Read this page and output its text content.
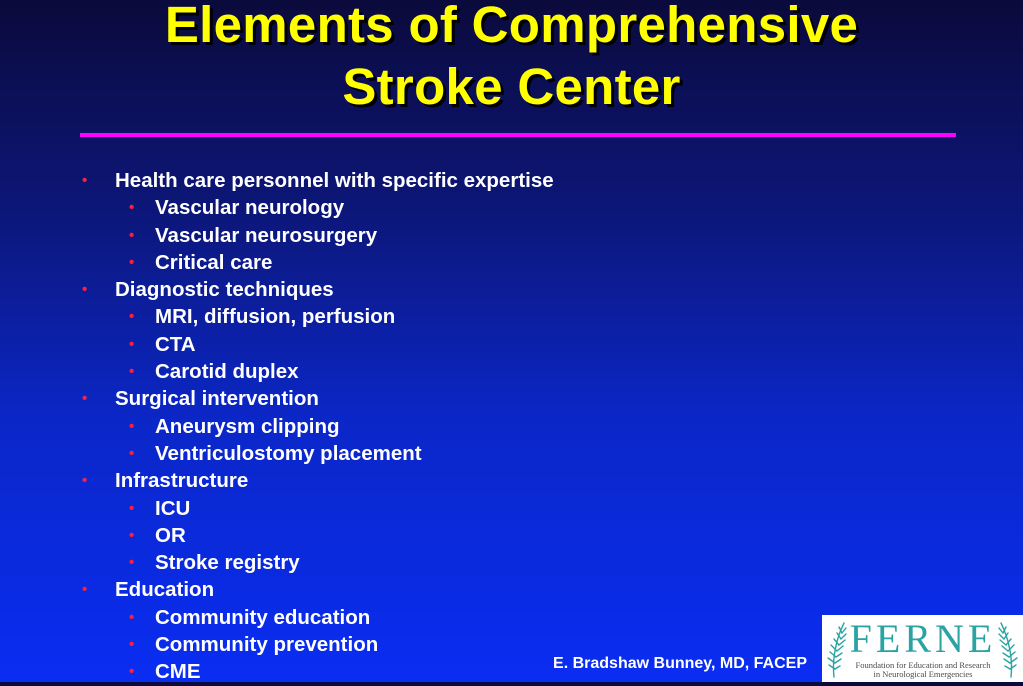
Elements of Comprehensive
Stroke Center
• Health care personnel with specific expertise
• Vascular neurology
• Vascular neurosurgery
• Critical care
• Diagnostic techniques
• MRI, diffusion, perfusion
• CTA
• Carotid duplex
• Surgical intervention
• Aneurysm clipping
• Ventriculostomy placement
• Infrastructure
• ICU
• OR
• Stroke registry
• Education
• Community education
• Community prevention
• CME	E. Bradshaw Bunney, MD, FACEP
FERNE
Foundation for Education and Research
in Neurological Emergencies
